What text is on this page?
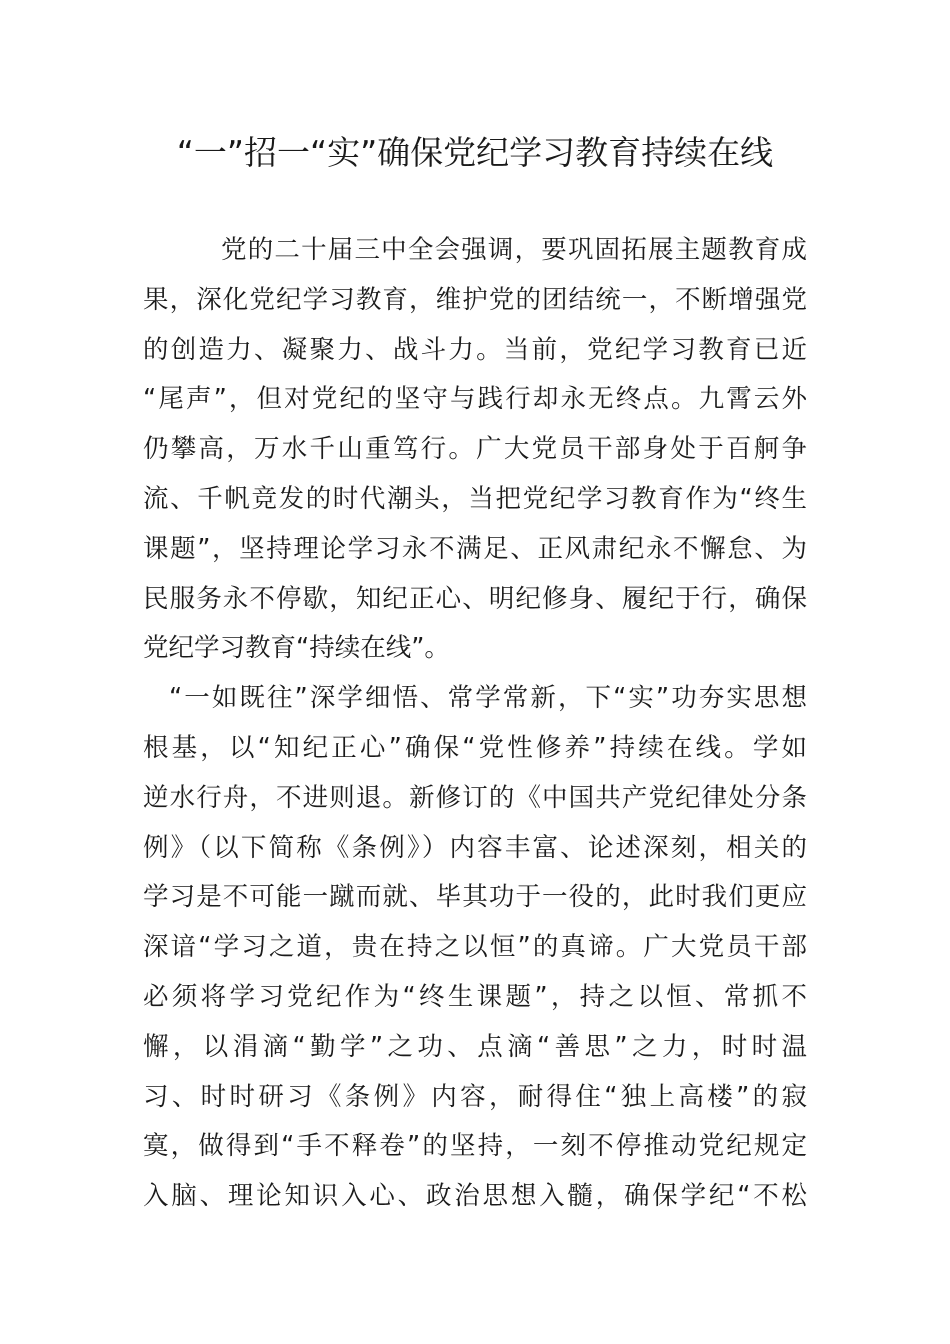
“一”招一“实”确保党纪学习教育持续在线

党的二十届三中全会强调，要巩固拓展主题教育成
果，深化党纪学习教育，维护党的团结统一，不断增强党
的创造力、凝聚力、战斗力。当前，党纪学习教育已近
“尾声”，但对党纪的坚守与践行却永无终点。九霄云外
仍攀高，万水千山重笃行。广大党员干部身处于百舸争
流、千帆竞发的时代潮头，当把党纪学习教育作为“终生
课题”，坚持理论学习永不满足、正风肃纪永不懈怠、为
民服务永不停歇，知纪正心、明纪修身、履纪于行，确保
党纪学习教育“持续在线”。

“一如既往”深学细悟、常学常新，下“实”功夯实思想
根基，以“知纪正心”确保“党性修养”持续在线。学如
逆水行舟，不进则退。新修订的《中国共产党纪律处分条
例》（以下简称《条例》）内容丰富、论述深刻，相关的
学习是不可能一蹴而就、毕其功于一役的，此时我们更应
深谙“学习之道，贵在持之以恒”的真谛。广大党员干部
必须将学习党纪作为“终生课题”，持之以恒、常抓不
懈，以涓滴“勤学”之功、点滴“善思”之力，时时温
习、时时研习《条例》内容，耐得住“独上高楼”的寂
寞，做得到“手不释卷”的坚持，一刻不停推动党纪规定
入脑、理论知识入心、政治思想入髓，确保学纪“不松
